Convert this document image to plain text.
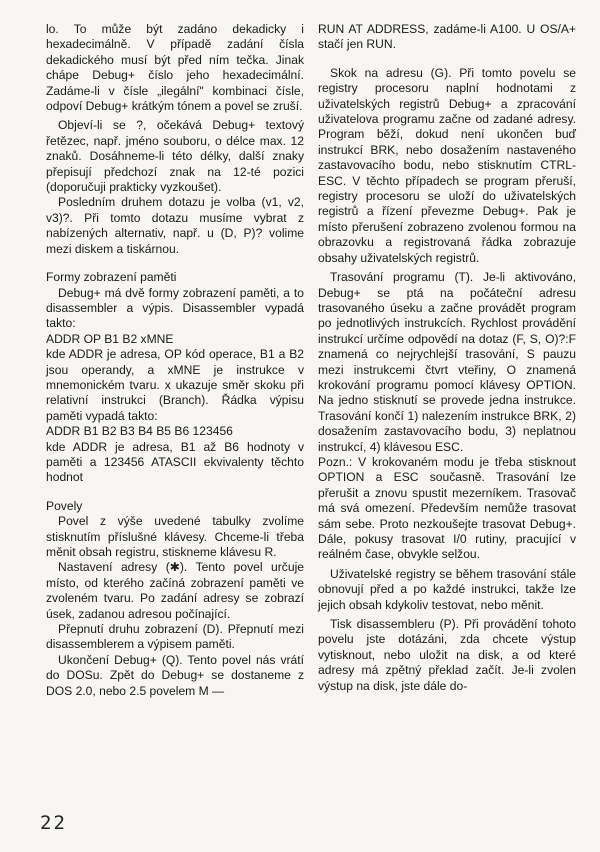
lo. To může být zadáno dekadicky i hexadecimálně. V případě zadání čísla dekadického musí být před ním tečka. Jinak chápe Debug+ číslo jeho hexadecimální. Zadáme-li v čísle „ilegální" kombinaci čísle, odpoví Debug+ krátkým tónem a povel se zruší.

Objeví-li se ?, očekává Debug+ textový řetězec, např. jméno souboru, o délce max. 12 znaků. Dosáhneme-li této délky, další znaky přepisují předchozí znak na 12-té pozici (doporučuji prakticky vyzkoušet).

Posledním druhem dotazu je volba (v1, v2, v3)?. Při tomto dotazu musíme vybrat z nabízených alternativ, např. u (D, P)? volime mezi diskem a tiskárnou.

Formy zobrazení paměti

Debug+ má dvě formy zobrazení paměti, a to disassembler a výpis. Disassembler vypadá takto:

ADDR OP B1 B2 xMNE

kde ADDR je adresa, OP kód operace, B1 a B2 jsou operandy, a xMNE je instrukce v mnemonickém tvaru. x ukazuje směr skoku při relativní instrukci (Branch). Řádka výpisu paměti vypadá takto:

ADDR B1 B2 B3 B4 B5 B6 123456

kde ADDR je adresa, B1 až B6 hodnoty v paměti a 123456 ATASCII ekvivalenty těchto hodnot

Povely

Povel z výše uvedené tabulky zvolíme stisknutím příslušné klávesy. Chceme-li třeba měnit obsah registru, stiskneme klávesu R.

Nastavení adresy (✱). Tento povel určuje místo, od kterého začíná zobrazení paměti ve zvoleném tvaru. Po zadání adresy se zobrazí úsek, zadanou adresou počínající.

Přepnutí druhu zobrazení (D). Přepnutí mezi disassemblerem a výpisem paměti.

Ukončení Debug+ (Q). Tento povel nás vrátí do DOSu. Zpět do Debug+ se dostaneme z DOS 2.0, nebo 2.5 povelem M —

RUN AT ADDRESS, zadáme-li A100. U OS/A+ stačí jen RUN.

Skok na adresu (G). Při tomto povelu se registry procesoru naplní hodnotami z uživatelských registrů Debug+ a zpracování uživatelova programu začne od zadané adresy. Program běží, dokud není ukončen buď instrukcí BRK, nebo dosažením nastaveného zastavovacího bodu, nebo stisknutím CTRL-ESC. V těchto případech se program přeruší, registry procesoru se uloží do uživatelských registrů a řízení převezme Debug+. Pak je místo přerušení zobrazeno zvolenou formou na obrazovku a registrovaná řádka zobrazuje obsahy uživatelských registrů.

Trasování programu (T). Je-li aktivováno, Debug+ se ptá na počáteční adresu trasovaného úseku a začne provádět program po jednotlivých instrukcích. Rychlost provádění instrukcí určíme odpovědí na dotaz (F, S, O)?:F znamená co nejrychlejší trasování, S pauzu mezi instrukcemi čtvrt vteřiny, O znamená krokování programu pomocí klávesy OPTION. Na jedno stisknutí se provede jedna instrukce. Trasování končí 1) nalezením instrukce BRK, 2) dosažením zastavovacího bodu, 3) neplatnou instrukcí, 4) klávesou ESC.

Pozn.: V krokovaném modu je třeba stisknout OPTION a ESC současně. Trasování lze přerušit a znovu spustit mezerníkem. Trasovač má svá omezení. Především nemůže trasovat sám sebe. Proto nezkoušejte trasovat Debug+. Dále, pokusy trasovat I/0 rutiny, pracující v reálném čase, obvykle selžou.

Uživatelské registry se během trasování stále obnovují před a po každé instrukci, takže lze jejich obsah kdykoliv testovat, nebo měnit.

Tisk disassembleru (P). Při provádění tohoto povelu jste dotázáni, zda chcete výstup vytisknout, nebo uložit na disk, a od které adresy má zpětný překlad začít. Je-li zvolen výstup na disk, jste dále do-

22
